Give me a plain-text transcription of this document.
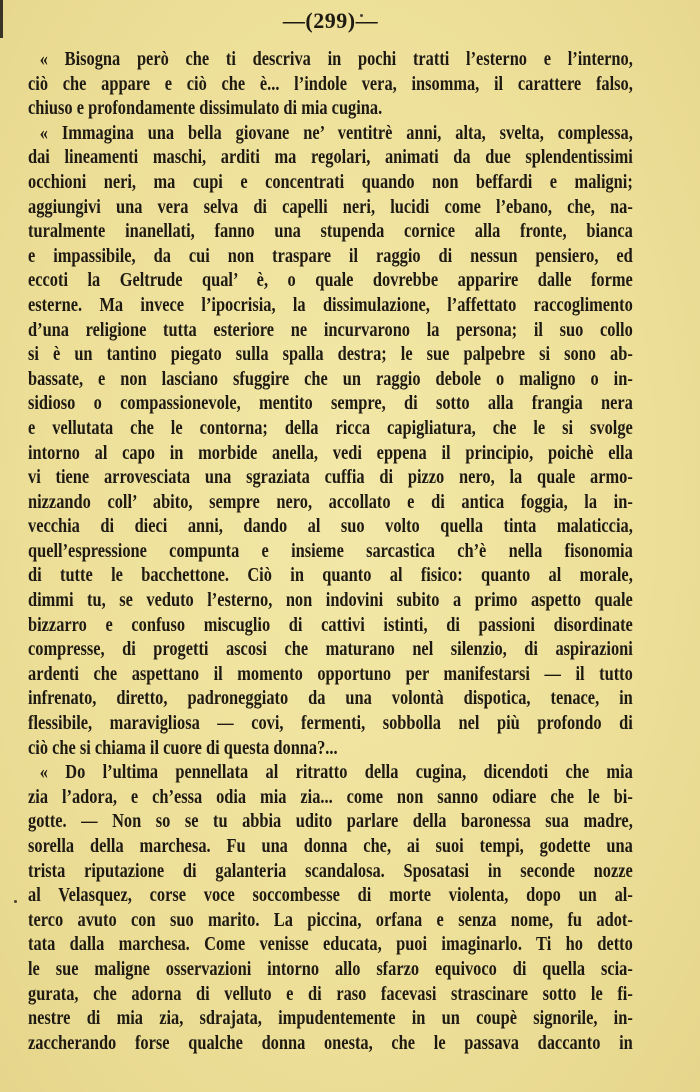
—(299)—
« Bisogna però che ti descriva in pochi tratti l’esterno e l’interno,
ciò che appare e ciò che è... l’indole vera, insomma, il carattere falso,
chiuso e profondamente dissimulato di mia cugina.
« Immagina una bella giovane ne’ ventitrè anni, alta, svelta, complessa,
dai lineamenti maschi, arditi ma regolari, animati da due splendentissimi
occhioni neri, ma cupi e concentrati quando non beffardi e maligni;
aggiungivi una vera selva di capelli neri, lucidi come l’ebano, che, na-
turalmente inanellati, fanno una stupenda cornice alla fronte, bianca
e impassibile, da cui non traspare il raggio di nessun pensiero, ed
eccoti la Geltrude qual’ è, o quale dovrebbe apparire dalle forme
esterne. Ma invece l’ipocrisia, la dissimulazione, l’affettato raccoglimento
d’una religione tutta esteriore ne incurvarono la persona; il suo collo
si è un tantino piegato sulla spalla destra; le sue palpebre si sono ab-
bassate, e non lasciano sfuggire che un raggio debole o maligno o in-
sidioso o compassionevole, mentito sempre, di sotto alla frangia nera
e vellutata che le contorna; della ricca capigliatura, che le si svolge
intorno al capo in morbide anella, vedi eppena il principio, poichè ella
vi tiene arrovesciata una sgraziata cuffia di pizzo nero, la quale armo-
nizzando coll’ abito, sempre nero, accollato e di antica foggia, la in-
vecchia di dieci anni, dando al suo volto quella tinta malaticcia,
quell’espressione compunta e insieme sarcastica ch’è nella fisonomia
di tutte le bacchettone. Ciò in quanto al fisico: quanto al morale,
dimmi tu, se veduto l’esterno, non indovini subito a primo aspetto quale
bizzarro e confuso miscuglio di cattivi istinti, di passioni disordinate
compresse, di progetti ascosi che maturano nel silenzio, di aspirazioni
ardenti che aspettano il momento opportuno per manifestarsi — il tutto
infrenato, diretto, padroneggiato da una volontà dispotica, tenace, in
flessibile, maravigliosa — covi, fermenti, sobbolla nel più profondo di
ciò che si chiama il cuore di questa donna?...
« Do l’ultima pennellata al ritratto della cugina, dicendoti che mia
zia l’adora, e ch’essa odia mia zia... come non sanno odiare che le bi-
gotte. — Non so se tu abbia udito parlare della baronessa sua madre,
sorella della marchesa. Fu una donna che, ai suoi tempi, godette una
trista riputazione di galanteria scandalosa. Sposatasi in seconde nozze
al Velasquez, corse voce soccombesse di morte violenta, dopo un al-
terco avuto con suo marito. La piccina, orfana e senza nome, fu adot-
tata dalla marchesa. Come venisse educata, puoi imaginarlo. Ti ho detto
le sue maligne osservazioni intorno allo sfarzo equivoco di quella scia-
gurata, che adorna di velluto e di raso facevasi strascinare sotto le fi-
nestre di mia zia, sdrajata, impudentemente in un coupè signorile, in-
zaccherando forse qualche donna onesta, che le passava daccanto in
